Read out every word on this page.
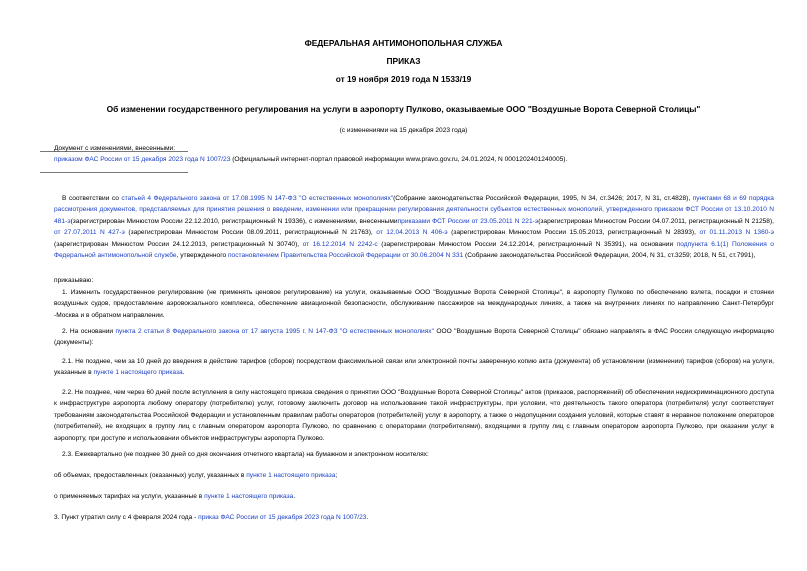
ФЕДЕРАЛЬНАЯ АНТИМОНОПОЛЬНАЯ СЛУЖБА
ПРИКАЗ
от 19 ноября 2019 года N 1533/19
Об изменении государственного регулирования на услуги в аэропорту Пулково, оказываемые ООО "Воздушные Ворота Северной Столицы"
(с изменениями на 15 декабря 2023 года)
Документ с изменениями, внесенными:
приказом ФАС России от 15 декабря 2023 года N 1007/23 (Официальный интернет-портал правовой информации www.pravo.gov.ru, 24.01.2024, N 0001202401240005).
В соответствии со статьей 4 Федерального закона от 17.08.1995 N 147-ФЗ "О естественных монополиях"(Собрание законодательства Российской Федерации, 1995, N 34, ст.3426; 2017, N 31, ст.4828), пунктами 68 и 69 порядка рассмотрения документов, представляемых для принятия решения о введении, изменении или прекращении регулирования деятельности субъектов естественных монополий, утвержденного приказом ФСТ России от 13.10.2010 N 481-э(зарегистрирован Минюстом России 22.12.2010, регистрационный N 19336), с изменениями, внесеннымиприказами ФСТ России от 23.05.2011 N 221-э(зарегистрирован Минюстом России 04.07.2011, регистрационный N 21258), от 27.07.2011 N 427-э (зарегистрирован Минюстом России 08.09.2011, регистрационный N 21763), от 12.04.2013 N 406-э (зарегистрирован Минюстом России 15.05.2013, регистрационный N 28393), от 01.11.2013 N 1360-э (зарегистрирован Минюстом России 24.12.2013, регистрационный N 30740), от 16.12.2014 N 2242-с (зарегистрирован Минюстом России 24.12.2014, регистрационный N 35391), на основании подпункта 6.1(1) Положения о Федеральной антимонопольной службе, утвержденного постановлением Правительства Российской Федерации от 30.06.2004 N 331 (Собрание законодательства Российской Федерации, 2004, N 31, ст.3259; 2018, N 51, ст.7991),
приказываю:
1. Изменить государственное регулирование (не применять ценовое регулирование) на услуги, оказываемые ООО "Воздушные Ворота Северной Столицы", в аэропорту Пулково по обеспечению взлета, посадки и стоянки воздушных судов, предоставление аэровокзального комплекса, обеспечение авиационной безопасности, обслуживание пассажиров на международных линиях, а также на внутренних линиях по направлению Санкт-Петербург -Москва и в обратном направлении.
2. На основании пункта 2 статьи 8 Федерального закона от 17 августа 1995 г. N 147-ФЗ "О естественных монополиях" ООО "Воздушные Ворота Северной Столицы" обязано направлять в ФАС России следующую информацию (документы):
2.1. Не позднее, чем за 10 дней до введения в действие тарифов (сборов) посредством факсимильной связи или электронной почты заверенную копию акта (документа) об установлении (изменении) тарифов (сборов) на услуги, указанные в пункте 1 настоящего приказа.
2.2. Не позднее, чем через 60 дней после вступления в силу настоящего приказа сведения о принятии ООО "Воздушные Ворота Северной Столицы" актов (приказов, распоряжений) об обеспечении недискриминационного доступа к инфраструктуре аэропорта любому оператору (потребителю) услуг, готовому заключить договор на использование такой инфраструктуры, при условии, что деятельность такого оператора (потребителя) услуг соответствует требованиям законодательства Российской Федерации и установленным правилам работы операторов (потребителей) услуг в аэропорту, а также о недопущении создания условий, которые ставят в неравное положение операторов (потребителей), не входящих в группу лиц с главным оператором аэропорта Пулково, по сравнению с операторами (потребителями), входящими в группу лиц с главным оператором аэропорта Пулково, при оказании услуг в аэропорту, при доступе и использовании объектов инфраструктуры аэропорта Пулково.
2.3. Ежеквартально (не позднее 30 дней со дня окончания отчетного квартала) на бумажном и электронном носителях:
об объемах, предоставленных (оказанных) услуг, указанных в пункте 1 настоящего приказа;
о применяемых тарифах на услуги, указанные в пункте 1 настоящего приказа.
3. Пункт утратил силу с 4 февраля 2024 года - приказ ФАС России от 15 декабря 2023 года N 1007/23.
